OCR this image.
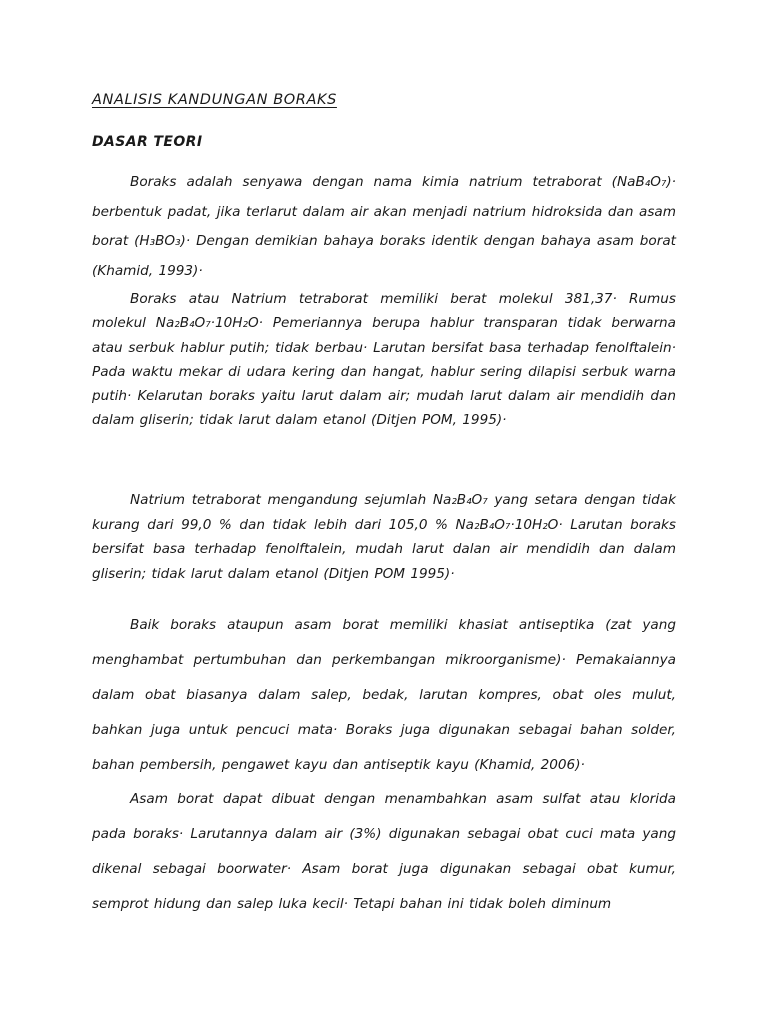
ANALISIS KANDUNGAN BORAKS
DASAR TEORI

Boraks adalah senyawa dengan nama kimia natrium tetraborat (NaB₄O₇)· berbentuk padat, jika terlarut dalam air akan menjadi natrium hidroksida dan asam borat (H₃BO₃)· Dengan demikian bahaya boraks identik dengan bahaya asam borat (Khamid, 1993)·

Boraks atau Natrium tetraborat memiliki berat molekul 381,37· Rumus molekul Na₂B₄O₇·10H₂O· Pemeriannya berupa hablur transparan tidak berwarna atau serbuk hablur putih; tidak berbau· Larutan bersifat basa terhadap fenolftalein· Pada waktu mekar di udara kering dan hangat, hablur sering dilapisi serbuk warna putih· Kelarutan boraks yaitu larut dalam air; mudah larut dalam air mendidih dan dalam gliserin; tidak larut dalam etanol (Ditjen POM, 1995)·

Natrium tetraborat mengandung sejumlah Na₂B₄O₇ yang setara dengan tidak kurang dari 99,0 % dan tidak lebih dari 105,0 % Na₂B₄O₇·10H₂O· Larutan boraks bersifat basa terhadap fenolftalein, mudah larut dalan air mendidih dan dalam gliserin; tidak larut dalam etanol (Ditjen POM 1995)·

Baik boraks ataupun asam borat memiliki khasiat antiseptika (zat yang menghambat pertumbuhan dan perkembangan mikroorganisme)· Pemakaiannya dalam obat biasanya dalam salep, bedak, larutan kompres, obat oles mulut, bahkan juga untuk pencuci mata· Boraks juga digunakan sebagai bahan solder, bahan pembersih, pengawet kayu dan antiseptik kayu (Khamid, 2006)·

Asam borat dapat dibuat dengan menambahkan asam sulfat atau klorida pada boraks· Larutannya dalam air (3%) digunakan sebagai obat cuci mata yang dikenal sebagai boorwater· Asam borat juga digunakan sebagai obat kumur, semprot hidung dan salep luka kecil· Tetapi bahan ini tidak boleh diminum
